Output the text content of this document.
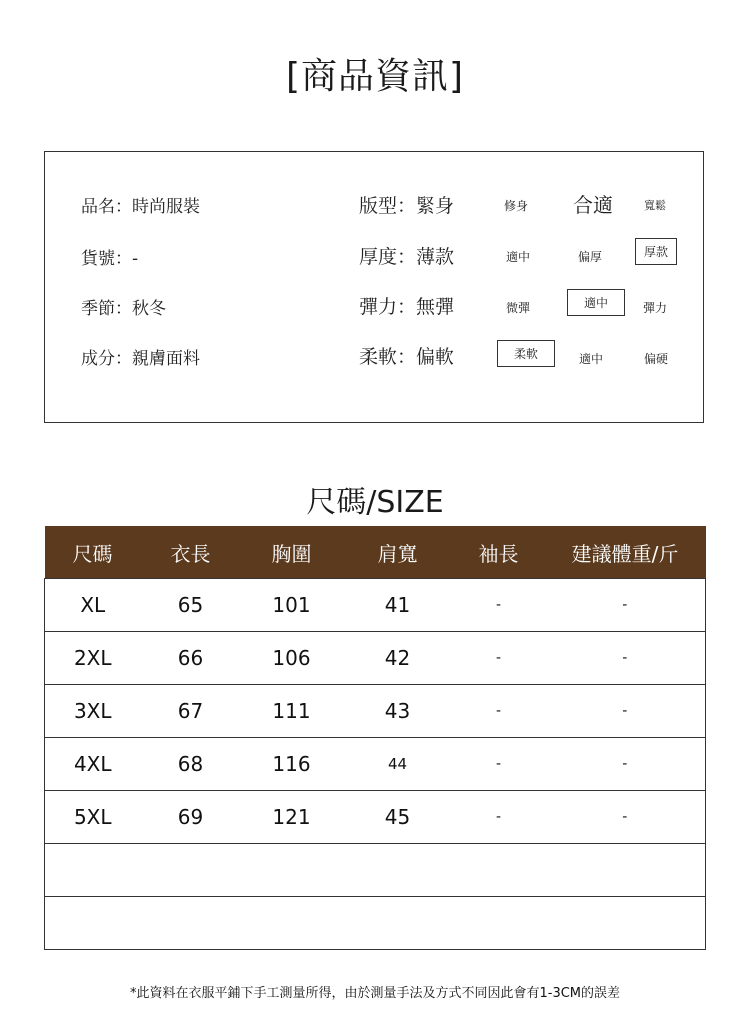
[商品資訊]
品名：時尚服裝
貨號：-
季節：秋冬
成分：親膚面料
版型：緊身
厚度：薄款
彈力：無彈
柔軟：偏軟
修身 合適	寬鬆
適中	偏厚	厚款
微彈	適中	彈力
柔軟	適中	偏硬
尺碼/SIZE
尺碼	衣長	胸圍	肩寬	袖長	建議體重/斤
XL	65	101	41	-	-
2XL	66	106	42	-	-
3XL	67	111	43	-	-
4XL	68	116	44	-	-
5XL	69	121	45	-	-

*此資料在衣服平鋪下手工測量所得，由於測量手法及方式不同因此會有1-3CM的誤差
